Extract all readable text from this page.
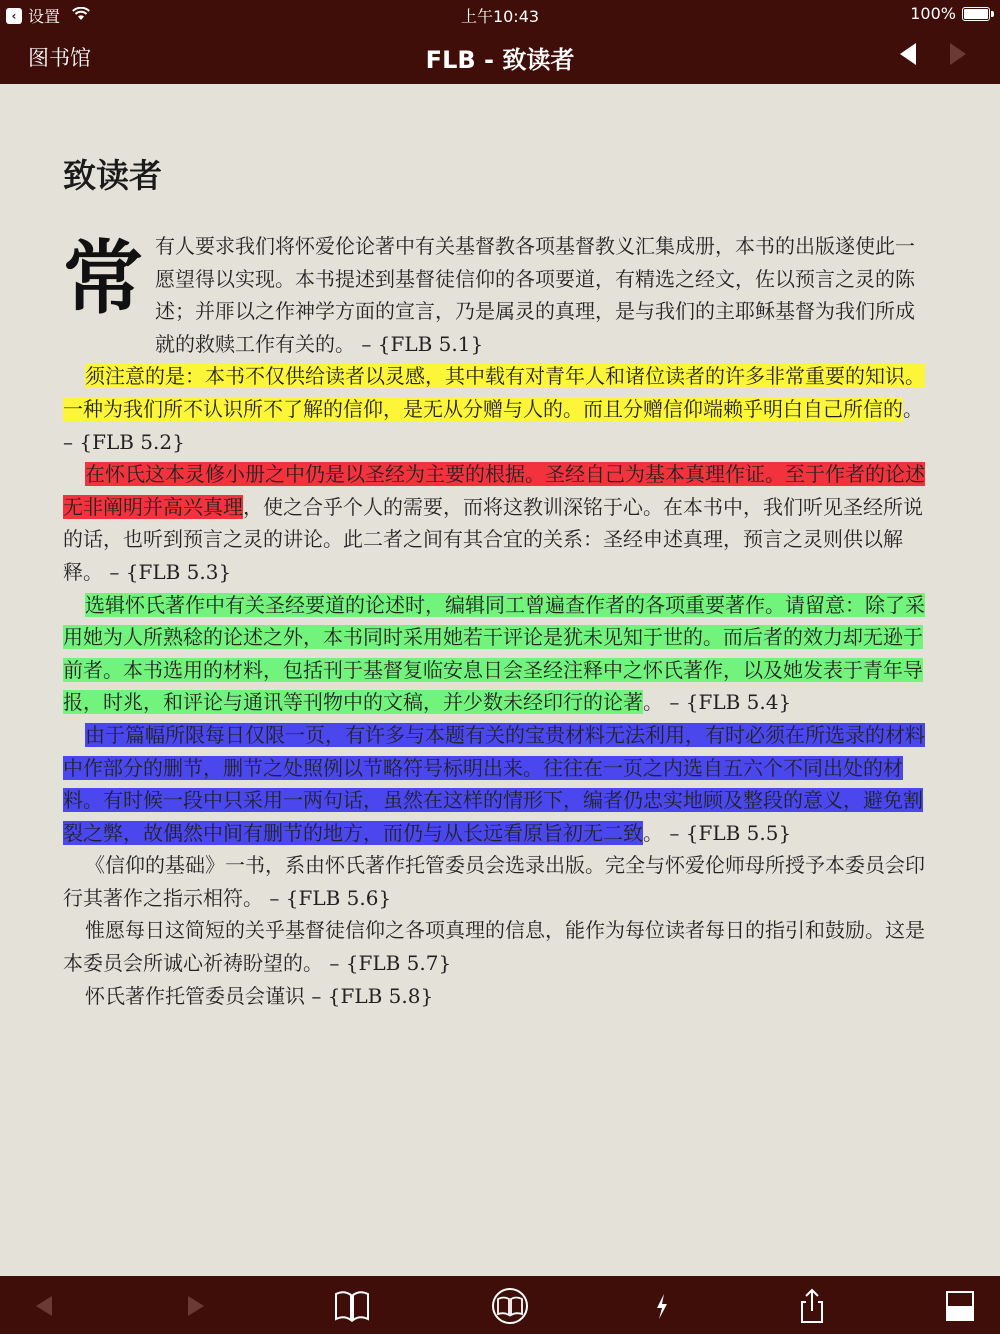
‹ 设置	上午10:43	100%
图书馆	FLB - 致读者
致读者

常有人要求我们将怀爱伦论著中有关基督教各项基督教义汇集成册，本书的出版遂使此一愿望得以实现。本书提述到基督徒信仰的各项要道，有精选之经文，佐以预言之灵的陈述；并厞以之作神学方面的宣言，乃是属灵的真理，是与我们的主耶稣基督为我们所成就的救赎工作有关的。 – {FLB 5.1}

须注意的是：本书不仅供给读者以灵感，其中载有对青年人和诸位读者的许多非常重要的知识。一种为我们所不认识所不了解的信仰，是无从分赠与人的。而且分赠信仰端赖乎明白自己所信的。 – {FLB 5.2}

在怀氏这本灵修小册之中仍是以圣经为主要的根据。圣经自己为基本真理作证。至于作者的论述无非阐明并高兴真理，使之合乎个人的需要，而将这教训深铭于心。在本书中，我们听见圣经所说的话，也听到预言之灵的讲论。此二者之间有其合宜的关系：圣经申述真理，预言之灵则供以解释。 – {FLB 5.3}

选辑怀氏著作中有关圣经要道的论述时，编辑同工曾遍查作者的各项重要著作。请留意：除了采用她为人所熟稔的论述之外，本书同时采用她若干评论是犹未见知于世的。而后者的效力却无逊于前者。本书选用的材料，包括刊于基督复临安息日会圣经注释中之怀氏著作，以及她发表于青年导报，时兆，和评论与通讯等刊物中的文稿，并少数未经印行的论著。 – {FLB 5.4}

由于篇幅所限每日仅限一页，有许多与本题有关的宝贵材料无法利用，有时必须在所选录的材料中作部分的删节，删节之处照例以节略符号标明出来。往往在一页之内选自五六个不同出处的材料。有时候一段中只采用一两句话，虽然在这样的情形下，编者仍忠实地顾及整段的意义，避免割裂之弊，故偶然中间有删节的地方，而仍与从长远看原旨初无二致。 – {FLB 5.5}

《信仰的基础》一书，系由怀氏著作托管委员会选录出版。完全与怀爱伦师母所授予本委员会印行其著作之指示相符。 – {FLB 5.6}

惟愿每日这简短的关乎基督徒信仰之各项真理的信息，能作为每位读者每日的指引和鼓励。这是本委员会所诚心祈祷盼望的。 – {FLB 5.7}

怀氏著作托管委员会谨识 – {FLB 5.8}
